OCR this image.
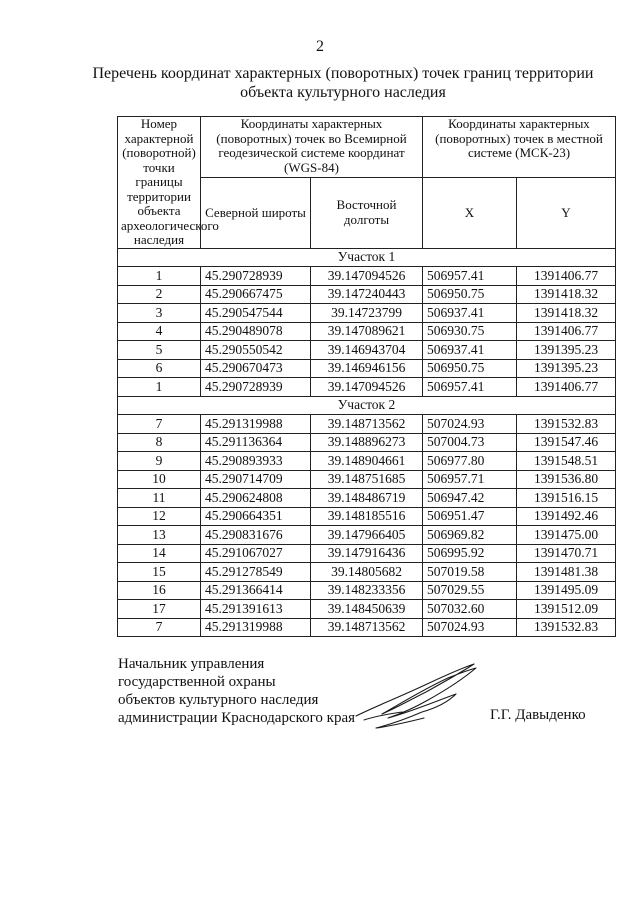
2
Перечень координат характерных (поворотных) точек границ территории
объекта культурного наследия
Номер характерной (поворотной) точки границы территории объекта археологического наследия	Координаты характерных (поворотных) точек во Всемирной геодезической системе координат (WGS-84)		Координаты характерных (поворотных) точек в местной системе (МСК-23)	
	Северной широты	Восточной долготы	X	Y
Участок 1				
1	45.290728939	39.147094526	506957.41	1391406.77
2	45.290667475	39.147240443	506950.75	1391418.32
3	45.290547544	39.14723799	506937.41	1391418.32
4	45.290489078	39.147089621	506930.75	1391406.77
5	45.290550542	39.146943704	506937.41	1391395.23
6	45.290670473	39.146946156	506950.75	1391395.23
1	45.290728939	39.147094526	506957.41	1391406.77
Участок 2				
7	45.291319988	39.148713562	507024.93	1391532.83
8	45.291136364	39.148896273	507004.73	1391547.46
9	45.290893933	39.148904661	506977.80	1391548.51
10	45.290714709	39.148751685	506957.71	1391536.80
11	45.290624808	39.148486719	506947.42	1391516.15
12	45.290664351	39.148185516	506951.47	1391492.46
13	45.290831676	39.147966405	506969.82	1391475.00
14	45.291067027	39.147916436	506995.92	1391470.71
15	45.291278549	39.14805682	507019.58	1391481.38
16	45.291366414	39.148233356	507029.55	1391495.09
17	45.291391613	39.148450639	507032.60	1391512.09
7	45.291319988	39.148713562	507024.93	1391532.83
Начальник управления
государственной охраны
объектов культурного наследия
администрации Краснодарского края	Г.Г. Давыденко
